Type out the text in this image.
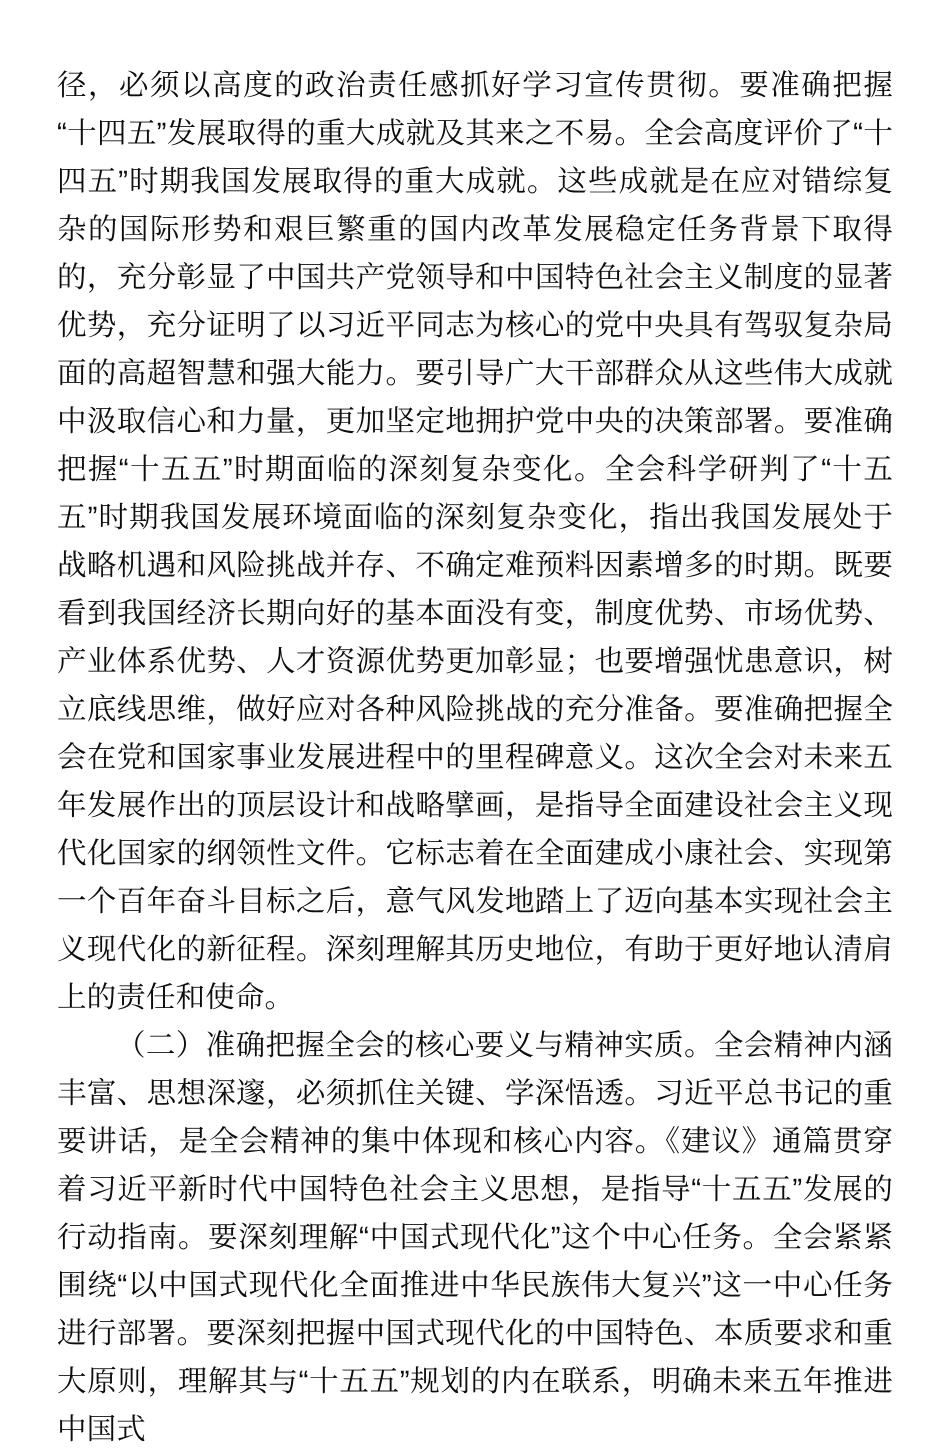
径，必须以高度的政治责任感抓好学习宣传贯彻。要准确把握“十四五”发展取得的重大成就及其来之不易。全会高度评价了“十四五”时期我国发展取得的重大成就。这些成就是在应对错综复杂的国际形势和艰巨繁重的国内改革发展稳定任务背景下取得的，充分彰显了中国共产党领导和中国特色社会主义制度的显著优势，充分证明了以习近平同志为核心的党中央具有驾驭复杂局面的高超智慧和强大能力。要引导广大干部群众从这些伟大成就中汲取信心和力量，更加坚定地拥护党中央的决策部署。要准确把握“十五五”时期面临的深刻复杂变化。全会科学研判了“十五五”时期我国发展环境面临的深刻复杂变化，指出我国发展处于战略机遇和风险挑战并存、不确定难预料因素增多的时期。既要看到我国经济长期向好的基本面没有变，制度优势、市场优势、产业体系优势、人才资源优势更加彰显；也要增强忧患意识，树立底线思维，做好应对各种风险挑战的充分准备。要准确把握全会在党和国家事业发展进程中的里程碑意义。这次全会对未来五年发展作出的顶层设计和战略擘画，是指导全面建设社会主义现代化国家的纲领性文件。它标志着在全面建成小康社会、实现第一个百年奋斗目标之后，意气风发地踏上了迈向基本实现社会主义现代化的新征程。深刻理解其历史地位，有助于更好地认清肩上的责任和使命。

（二）准确把握全会的核心要义与精神实质。全会精神内涵丰富、思想深邃，必须抓住关键、学深悟透。习近平总书记的重要讲话，是全会精神的集中体现和核心内容。《建议》通篇贯穿着习近平新时代中国特色社会主义思想，是指导“十五五”发展的行动指南。要深刻理解“中国式现代化”这个中心任务。全会紧紧围绕“以中国式现代化全面推进中华民族伟大复兴”这一中心任务进行部署。要深刻把握中国式现代化的中国特色、本质要求和重大原则，理解其与“十五五”规划的内在联系，明确未来五年推进中国式
